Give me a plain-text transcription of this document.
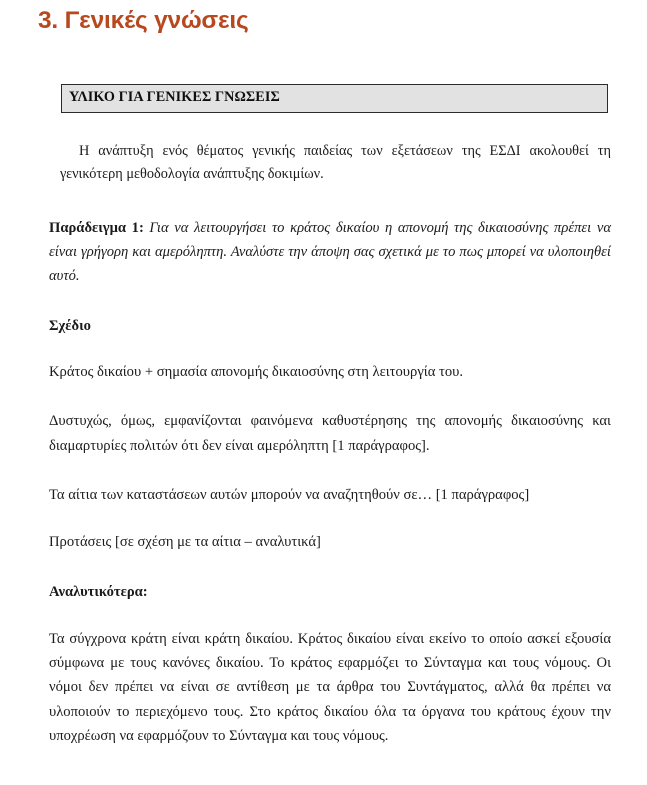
3. Γενικές γνώσεις
ΥΛΙΚΟ ΓΙΑ ΓΕΝΙΚΕΣ ΓΝΩΣΕΙΣ

Η ανάπτυξη ενός θέματος γενικής παιδείας των εξετάσεων της ΕΣΔΙ ακολουθεί τη γενικότερη μεθοδολογία ανάπτυξης δοκιμίων.

Παράδειγμα 1: Για να λειτουργήσει το κράτος δικαίου η απονομή της δικαιοσύνης πρέπει να είναι γρήγορη και αμερόληπτη. Αναλύστε την άποψη σας σχετικά με το πως μπορεί να υλοποιηθεί αυτό.

Σχέδιο

Κράτος δικαίου + σημασία απονομής δικαιοσύνης στη λειτουργία του.

Δυστυχώς, όμως, εμφανίζονται φαινόμενα καθυστέρησης της απονομής δικαιοσύνης και διαμαρτυρίες πολιτών ότι δεν είναι αμερόληπτη [1 παράγραφος].

Τα αίτια των καταστάσεων αυτών μπορούν να αναζητηθούν σε… [1 παράγραφος]

Προτάσεις [σε σχέση με τα αίτια – αναλυτικά]

Αναλυτικότερα:

Τα σύγχρονα κράτη είναι κράτη δικαίου. Κράτος δικαίου είναι εκείνο το οποίο ασκεί εξουσία σύμφωνα με τους κανόνες δικαίου. Το κράτος εφαρμόζει το Σύνταγμα και τους νόμους. Οι νόμοι δεν πρέπει να είναι σε αντίθεση με τα άρθρα του Συντάγματος, αλλά θα πρέπει να υλοποιούν το περιεχόμενο τους. Στο κράτος δικαίου όλα τα όργανα του κράτους έχουν την υποχρέωση να εφαρμόζουν το Σύνταγμα και τους νόμους.
